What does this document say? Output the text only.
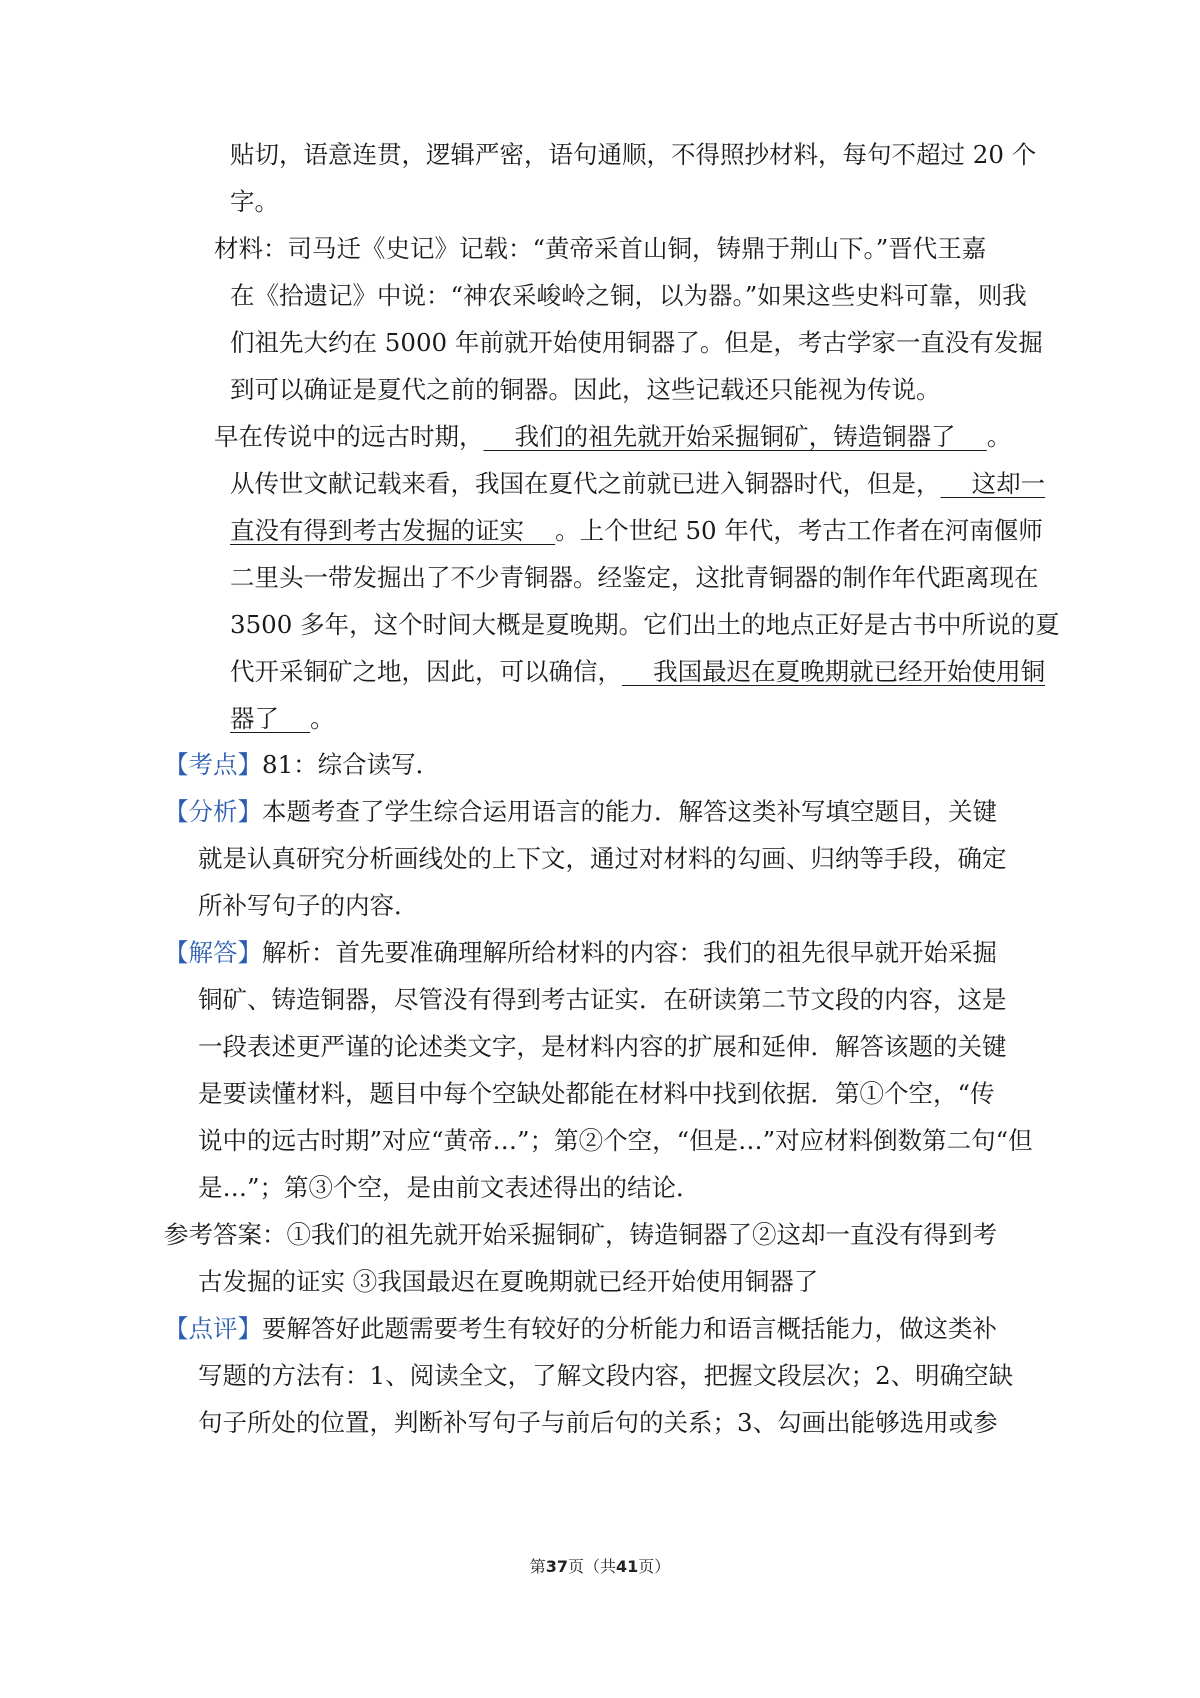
贴切，语意连贯，逻辑严密，语句通顺，不得照抄材料，每句不超过 20 个
字。
材料：司马迁《史记》记载：“黄帝采首山铜，铸鼎于荆山下。”晋代王嘉
在《拾遗记》中说：“神农采峻岭之铜，以为器。”如果这些史料可靠，则我
们祖先大约在 5000 年前就开始使用铜器了。但是，考古学家一直没有发掘
到可以确证是夏代之前的铜器。因此，这些记载还只能视为传说。
早在传说中的远古时期，    我们的祖先就开始采掘铜矿，铸造铜器了    。
从传世文献记载来看，我国在夏代之前就已进入铜器时代，但是，    这却一
直没有得到考古发掘的证实    。上个世纪 50 年代，考古工作者在河南偃师
二里头一带发掘出了不少青铜器。经鉴定，这批青铜器的制作年代距离现在
3500 多年，这个时间大概是夏晚期。它们出土的地点正好是古书中所说的夏
代开采铜矿之地，因此，可以确信，    我国最迟在夏晚期就已经开始使用铜
器了    。
【考点】81：综合读写．
【分析】本题考查了学生综合运用语言的能力．解答这类补写填空题目，关键
就是认真研究分析画线处的上下文，通过对材料的勾画、归纳等手段，确定
所补写句子的内容．
【解答】解析：首先要准确理解所给材料的内容：我们的祖先很早就开始采掘
铜矿、铸造铜器，尽管没有得到考古证实．在研读第二节文段的内容，这是
一段表述更严谨的论述类文字，是材料内容的扩展和延伸．解答该题的关键
是要读懂材料，题目中每个空缺处都能在材料中找到依据．第①个空，“传
说中的远古时期”对应“黄帝…”；第②个空，“但是…”对应材料倒数第二句“但
是…”；第③个空，是由前文表述得出的结论．
参考答案：①我们的祖先就开始采掘铜矿，铸造铜器了②这却一直没有得到考
古发掘的证实 ③我国最迟在夏晚期就已经开始使用铜器了
【点评】要解答好此题需要考生有较好的分析能力和语言概括能力，做这类补
写题的方法有：1、阅读全文，了解文段内容，把握文段层次；2、明确空缺
句子所处的位置，判断补写句子与前后句的关系；3、勾画出能够选用或参
第37页（共41页）
